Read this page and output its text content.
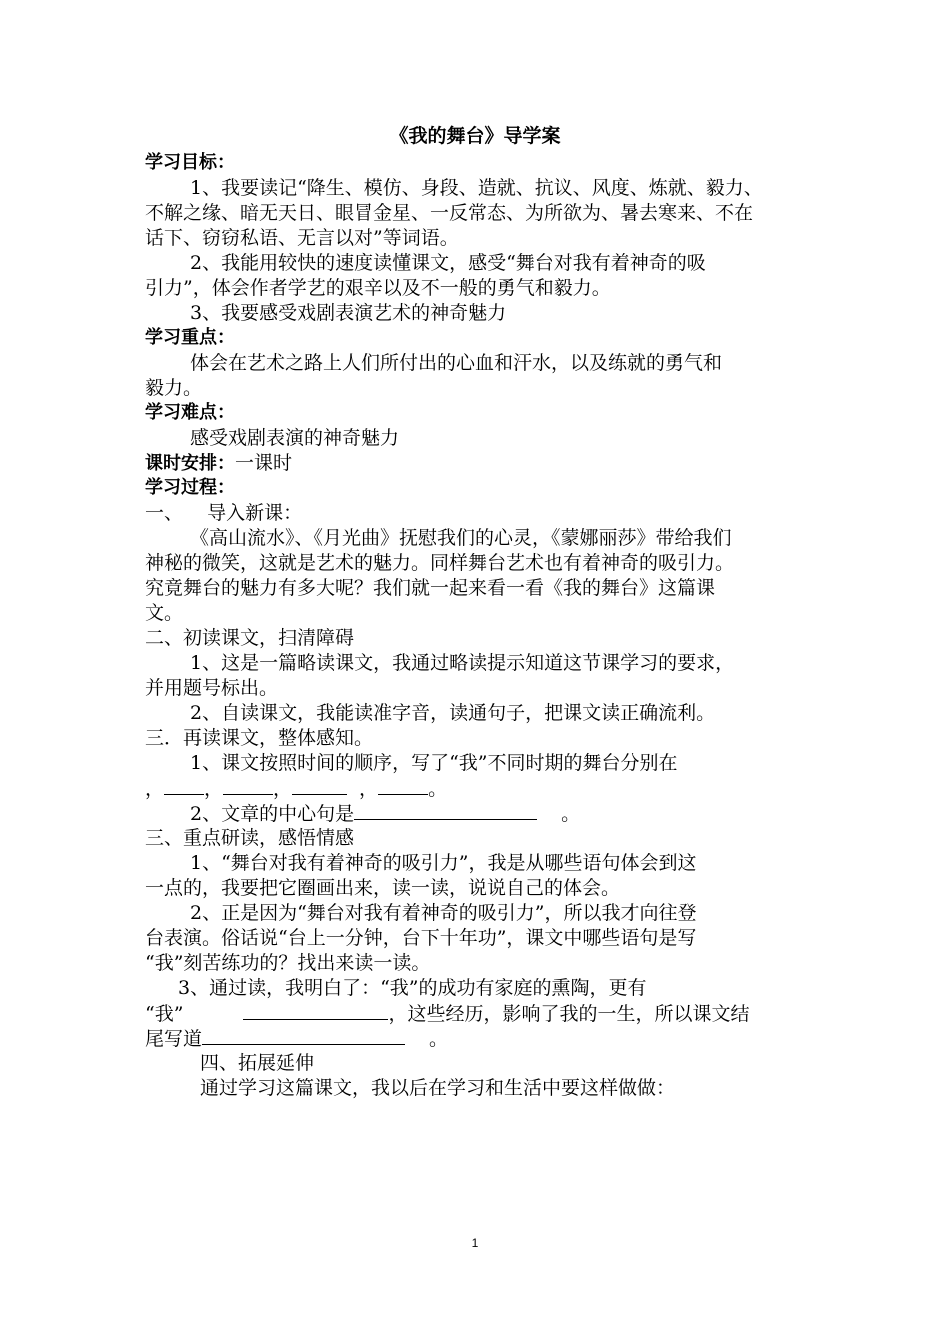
《我的舞台》导学案
学习目标：
1、我要读记“降生、模仿、身段、造就、抗议、风度、炼就、毅力、
不解之缘、暗无天日、眼冒金星、一反常态、为所欲为、暑去寒来、不在
话下、窃窃私语、无言以对”等词语。
2、我能用较快的速度读懂课文，感受“舞台对我有着神奇的吸
引力”，体会作者学艺的艰辛以及不一般的勇气和毅力。
3、我要感受戏剧表演艺术的神奇魅力
学习重点：
体会在艺术之路上人们所付出的心血和汗水，以及练就的勇气和
毅力。
学习难点：
感受戏剧表演的神奇魅力
课时安排：一课时
学习过程：
一、    导入新课：
《高山流水》、《月光曲》抚慰我们的心灵，《蒙娜丽莎》带给我们
神秘的微笑，这就是艺术的魅力。同样舞台艺术也有着神奇的吸引力。
究竟舞台的魅力有多大呢？我们就一起来看一看《我的舞台》这篇课
文。
二、初读课文，扫清障碍
1、这是一篇略读课文，我通过略读提示知道这节课学习的要求，
并用题号标出。
2、自读课文，我能读准字音，读通句子，把课文读正确流利。
三．再读课文，整体感知。
1、课文按照时间的顺序，写了“我”不同时期的舞台分别在
， ，	，	，	。
2、文章的中心句是	。
三、重点研读，感悟情感
1、“舞台对我有着神奇的吸引力”，我是从哪些语句体会到这
一点的，我要把它圈画出来，读一读，说说自己的体会。
2、正是因为“舞台对我有着神奇的吸引力”，所以我才向往登
台表演。俗话说“台上一分钟，台下十年功”，课文中哪些语句是写
“我”刻苦练功的？找出来读一读。
3、通过读，我明白了：“我”的成功有家庭的熏陶，更有
“我”	，这些经历，影响了我的一生，所以课文结
尾写道	。
四、拓展延伸
通过学习这篇课文，我以后在学习和生活中要这样做做：
1
